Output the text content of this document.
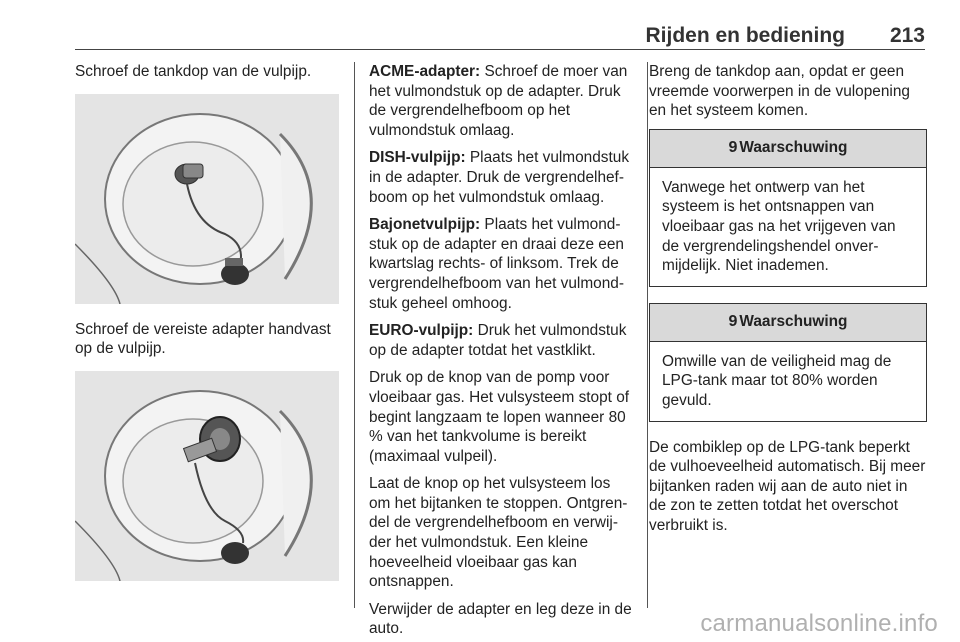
Rijden en bediening 213
Schroef de tankdop van de vulpijp.
Schroef de vereiste adapter handvast op de vulpijp.
ACME-adapter: Schroef de moer van het vulmondstuk op de adapter. Druk de vergrendelhefboom op het vulmondstuk omlaag.
DISH-vulpijp: Plaats het vulmondstuk in de adapter. Druk de vergrendelhefboom op het vulmondstuk omlaag.
Bajonetvulpijp: Plaats het vulmondstuk op de adapter en draai deze een kwartslag rechts- of linksom. Trek de vergrendelhefboom van het vulmondstuk geheel omhoog.
EURO-vulpijp: Druk het vulmondstuk op de adapter totdat het vastklikt.
Druk op de knop van de pomp voor vloeibaar gas. Het vulsysteem stopt of begint langzaam te lopen wanneer 80 % van het tankvolume is bereikt (maximaal vulpeil).
Laat de knop op het vulsysteem los om het bijtanken te stoppen. Ontgrendel de vergrendelhefboom en verwijder het vulmondstuk. Een kleine hoeveelheid vloeibaar gas kan ontsnappen.
Verwijder de adapter en leg deze in de auto.
Breng de tankdop aan, opdat er geen vreemde voorwerpen in de vulopening en het systeem komen.
9 Waarschuwing
Vanwege het ontwerp van het systeem is het ontsnappen van vloeibaar gas na het vrijgeven van de vergrendelingshendel onvermijdelijk. Niet inademen.
9 Waarschuwing
Omwille van de veiligheid mag de LPG-tank maar tot 80% worden gevuld.
De combiklep op de LPG-tank beperkt de vulhoeveelheid automatisch. Bij meer bijtanken raden wij aan de auto niet in de zon te zetten totdat het overschot verbruikt is.
carmanualsonline.info
